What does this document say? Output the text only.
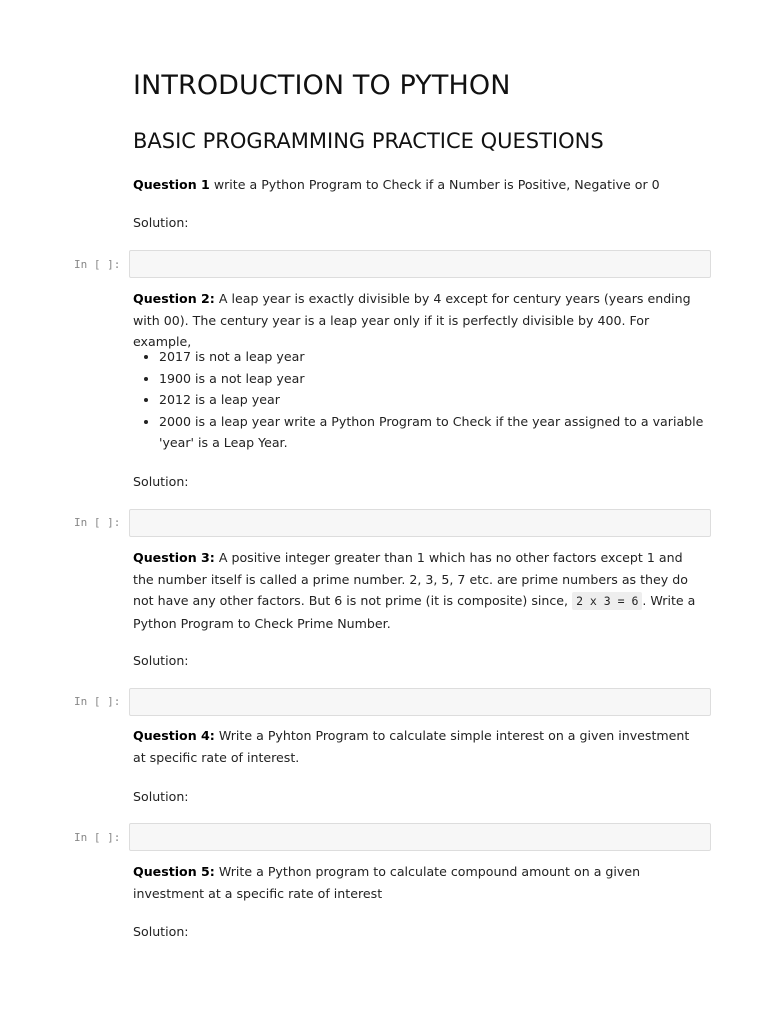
INTRODUCTION TO PYTHON
BASIC PROGRAMMING PRACTICE QUESTIONS
Question 1 write a Python Program to Check if a Number is Positive, Negative or 0
Solution:
In [ ]:
Question 2: A leap year is exactly divisible by 4 except for century years (years ending with 00). The century year is a leap year only if it is perfectly divisible by 400. For example,
• 2017 is not a leap year
• 1900 is a not leap year
• 2012 is a leap year
• 2000 is a leap year write a Python Program to Check if the year assigned to a variable 'year' is a Leap Year.
Solution:
In [ ]:
Question 3: A positive integer greater than 1 which has no other factors except 1 and the number itself is called a prime number. 2, 3, 5, 7 etc. are prime numbers as they do not have any other factors. But 6 is not prime (it is composite) since, 2 x 3 = 6 . Write a Python Program to Check Prime Number.
Solution:
In [ ]:
Question 4: Write a Pyhton Program to calculate simple interest on a given investment at specific rate of interest.
Solution:
In [ ]:
Question 5: Write a Python program to calculate compound amount on a given investment at a specific rate of interest
Solution:
